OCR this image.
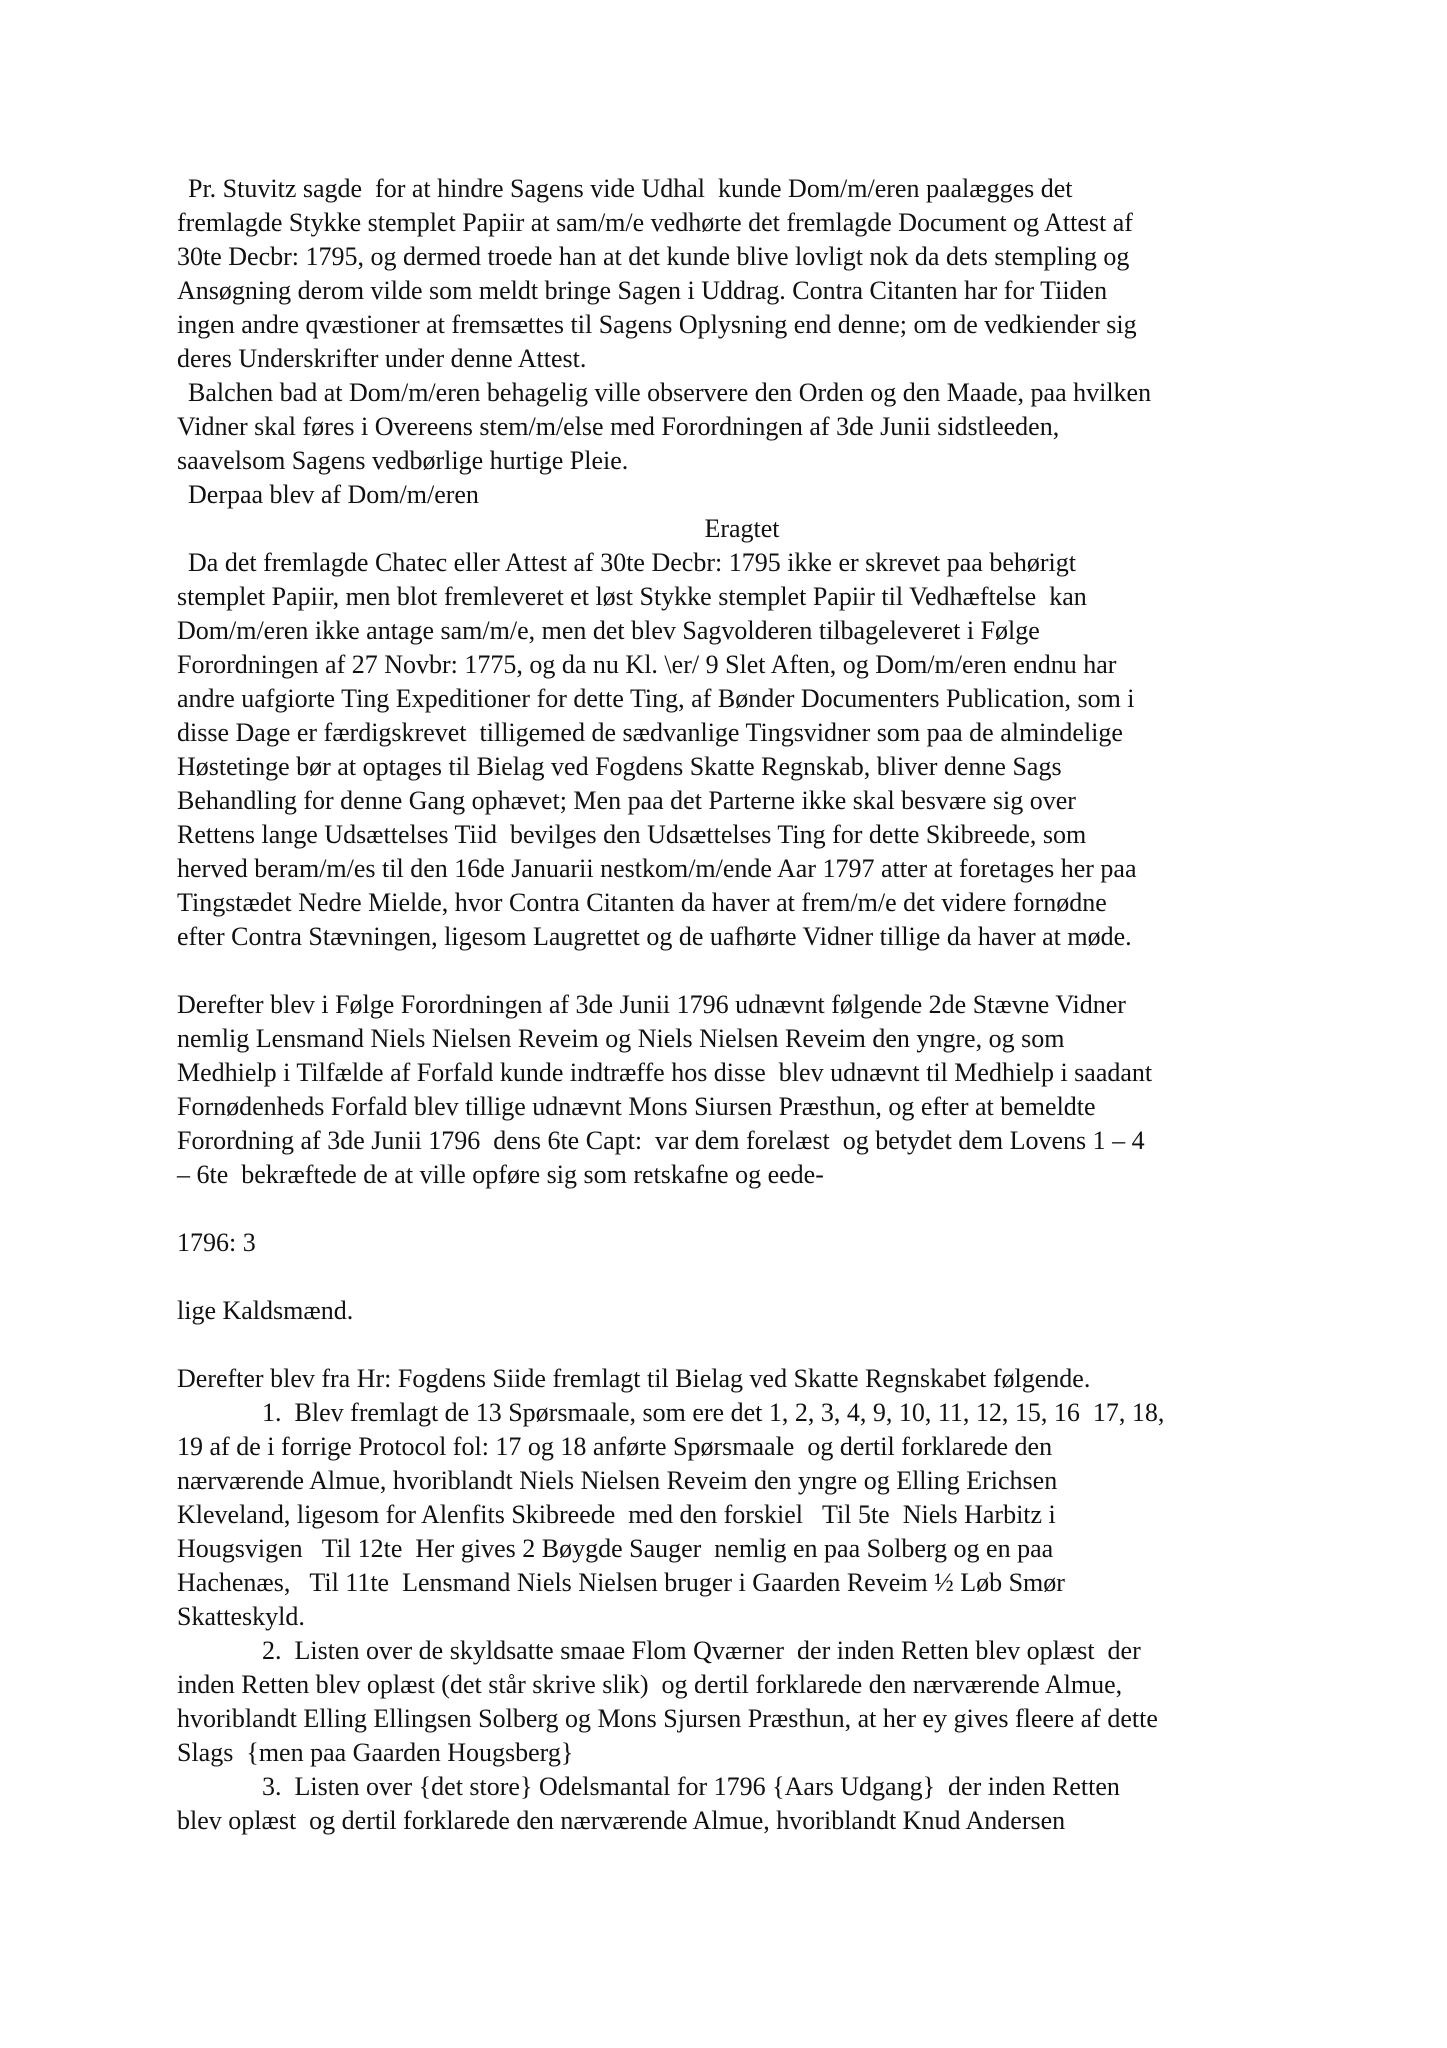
Pr. Stuvitz sagde  for at hindre Sagens vide Udhal  kunde Dom/m/eren paalægges det
fremlagde Stykke stemplet Papiir at sam/m/e vedhørte det fremlagde Document og Attest af
30te Decbr: 1795, og dermed troede han at det kunde blive lovligt nok da dets stempling og
Ansøgning derom vilde som meldt bringe Sagen i Uddrag. Contra Citanten har for Tiiden
ingen andre qvæstioner at fremsættes til Sagens Oplysning end denne; om de vedkiender sig
deres Underskrifter under denne Attest.

Balchen bad at Dom/m/eren behagelig ville observere den Orden og den Maade, paa hvilken
Vidner skal føres i Overeens stem/m/else med Forordningen af 3de Junii sidstleeden,
saavelsom Sagens vedbørlige hurtige Pleie.

Derpaa blev af Dom/m/eren

Eragtet

Da det fremlagde Chatec eller Attest af 30te Decbr: 1795 ikke er skrevet paa behørigt
stemplet Papiir, men blot fremleveret et løst Stykke stemplet Papiir til Vedhæftelse  kan
Dom/m/eren ikke antage sam/m/e, men det blev Sagvolderen tilbageleveret i Følge
Forordningen af 27 Novbr: 1775, og da nu Kl. \er/ 9 Slet Aften, og Dom/m/eren endnu har
andre uafgiorte Ting Expeditioner for dette Ting, af Bønder Documenters Publication, som i
disse Dage er færdigskrevet  tilligemed de sædvanlige Tingsvidner som paa de almindelige
Høstetinge bør at optages til Bielag ved Fogdens Skatte Regnskab, bliver denne Sags
Behandling for denne Gang ophævet; Men paa det Parterne ikke skal besvære sig over
Rettens lange Udsættelses Tiid  bevilges den Udsættelses Ting for dette Skibreede, som
herved beram/m/es til den 16de Januarii nestkom/m/ende Aar 1797 atter at foretages her paa
Tingstædet Nedre Mielde, hvor Contra Citanten da haver at frem/m/e det videre fornødne
efter Contra Stævningen, ligesom Laugrettet og de uafhørte Vidner tillige da haver at møde.

Derefter blev i Følge Forordningen af 3de Junii 1796 udnævnt følgende 2de Stævne Vidner
nemlig Lensmand Niels Nielsen Reveim og Niels Nielsen Reveim den yngre, og som
Medhielp i Tilfælde af Forfald kunde indtræffe hos disse  blev udnævnt til Medhielp i saadant
Fornødenheds Forfald blev tillige udnævnt Mons Siursen Præsthun, og efter at bemeldte
Forordning af 3de Junii 1796  dens 6te Capt:  var dem forelæst  og betydet dem Lovens 1 – 4
– 6te  bekræftede de at ville opføre sig som retskafne og eede-

1796: 3

lige Kaldsmænd.

Derefter blev fra Hr: Fogdens Siide fremlagt til Bielag ved Skatte Regnskabet følgende.

1.  Blev fremlagt de 13 Spørsmaale, som ere det 1, 2, 3, 4, 9, 10, 11, 12, 15, 16  17, 18,
19 af de i forrige Protocol fol: 17 og 18 anførte Spørsmaale  og dertil forklarede den
nærværende Almue, hvoriblandt Niels Nielsen Reveim den yngre og Elling Erichsen
Kleveland, ligesom for Alenfits Skibreede  med den forskiel   Til 5te  Niels Harbitz i
Hougsvigen   Til 12te  Her gives 2 Bøygde Sauger  nemlig en paa Solberg og en paa
Hachenæs,   Til 11te  Lensmand Niels Nielsen bruger i Gaarden Reveim ½ Løb Smør
Skatteskyld.

2.  Listen over de skyldsatte smaae Flom Qværner  der inden Retten blev oplæst  der
inden Retten blev oplæst (det står skrive slik)  og dertil forklarede den nærværende Almue,
hvoriblandt Elling Ellingsen Solberg og Mons Sjursen Præsthun, at her ey gives fleere af dette
Slags  {men paa Gaarden Hougsberg}

3.  Listen over {det store} Odelsmantal for 1796 {Aars Udgang}  der inden Retten
blev oplæst  og dertil forklarede den nærværende Almue, hvoriblandt Knud Andersen
